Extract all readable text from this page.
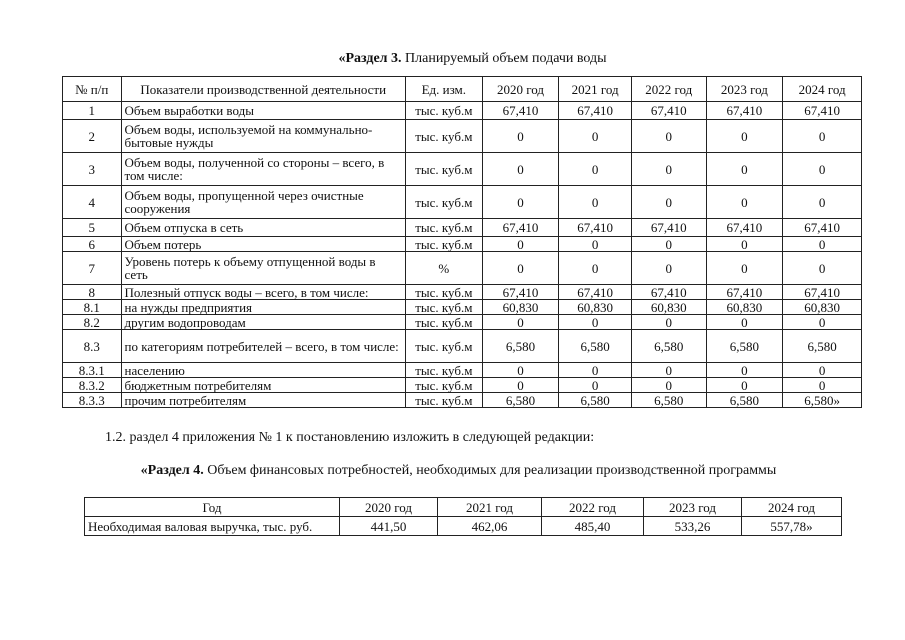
«Раздел 3. Планируемый объем подачи воды
№ п/п	Показатели производственной деятельности	Ед. изм.	2020 год	2021 год	2022 год	2023 год	2024 год
1	Объем выработки воды	тыс. куб.м	67,410	67,410	67,410	67,410	67,410
2	Объем воды, используемой на коммунально-бытовые нужды	тыс. куб.м	0	0	0	0	0
3	Объем воды, полученной со стороны – всего, в том числе:	тыс. куб.м	0	0	0	0	0
4	Объем воды, пропущенной через очистные сооружения	тыс. куб.м	0	0	0	0	0
5	Объем отпуска в сеть	тыс. куб.м	67,410	67,410	67,410	67,410	67,410
6	Объем потерь	тыс. куб.м	0	0	0	0	0
7	Уровень потерь к объему отпущенной воды в сеть	%	0	0	0	0	0
8	Полезный отпуск воды – всего, в том числе:	тыс. куб.м	67,410	67,410	67,410	67,410	67,410
8.1	на нужды предприятия	тыс. куб.м	60,830	60,830	60,830	60,830	60,830
8.2	другим водопроводам	тыс. куб.м	0	0	0	0	0
8.3	по категориям потребителей – всего, в том числе:	тыс. куб.м	6,580	6,580	6,580	6,580	6,580
8.3.1	населению	тыс. куб.м	0	0	0	0	0
8.3.2	бюджетным потребителям	тыс. куб.м	0	0	0	0	0
8.3.3	прочим потребителям	тыс. куб.м	6,580	6,580	6,580	6,580	6,580»
1.2. раздел 4 приложения № 1 к постановлению изложить в следующей редакции:
«Раздел 4. Объем финансовых потребностей, необходимых для реализации производственной программы
Год	2020 год	2021 год	2022 год	2023 год	2024 год
Необходимая валовая выручка, тыс. руб.	441,50	462,06	485,40	533,26	557,78»
